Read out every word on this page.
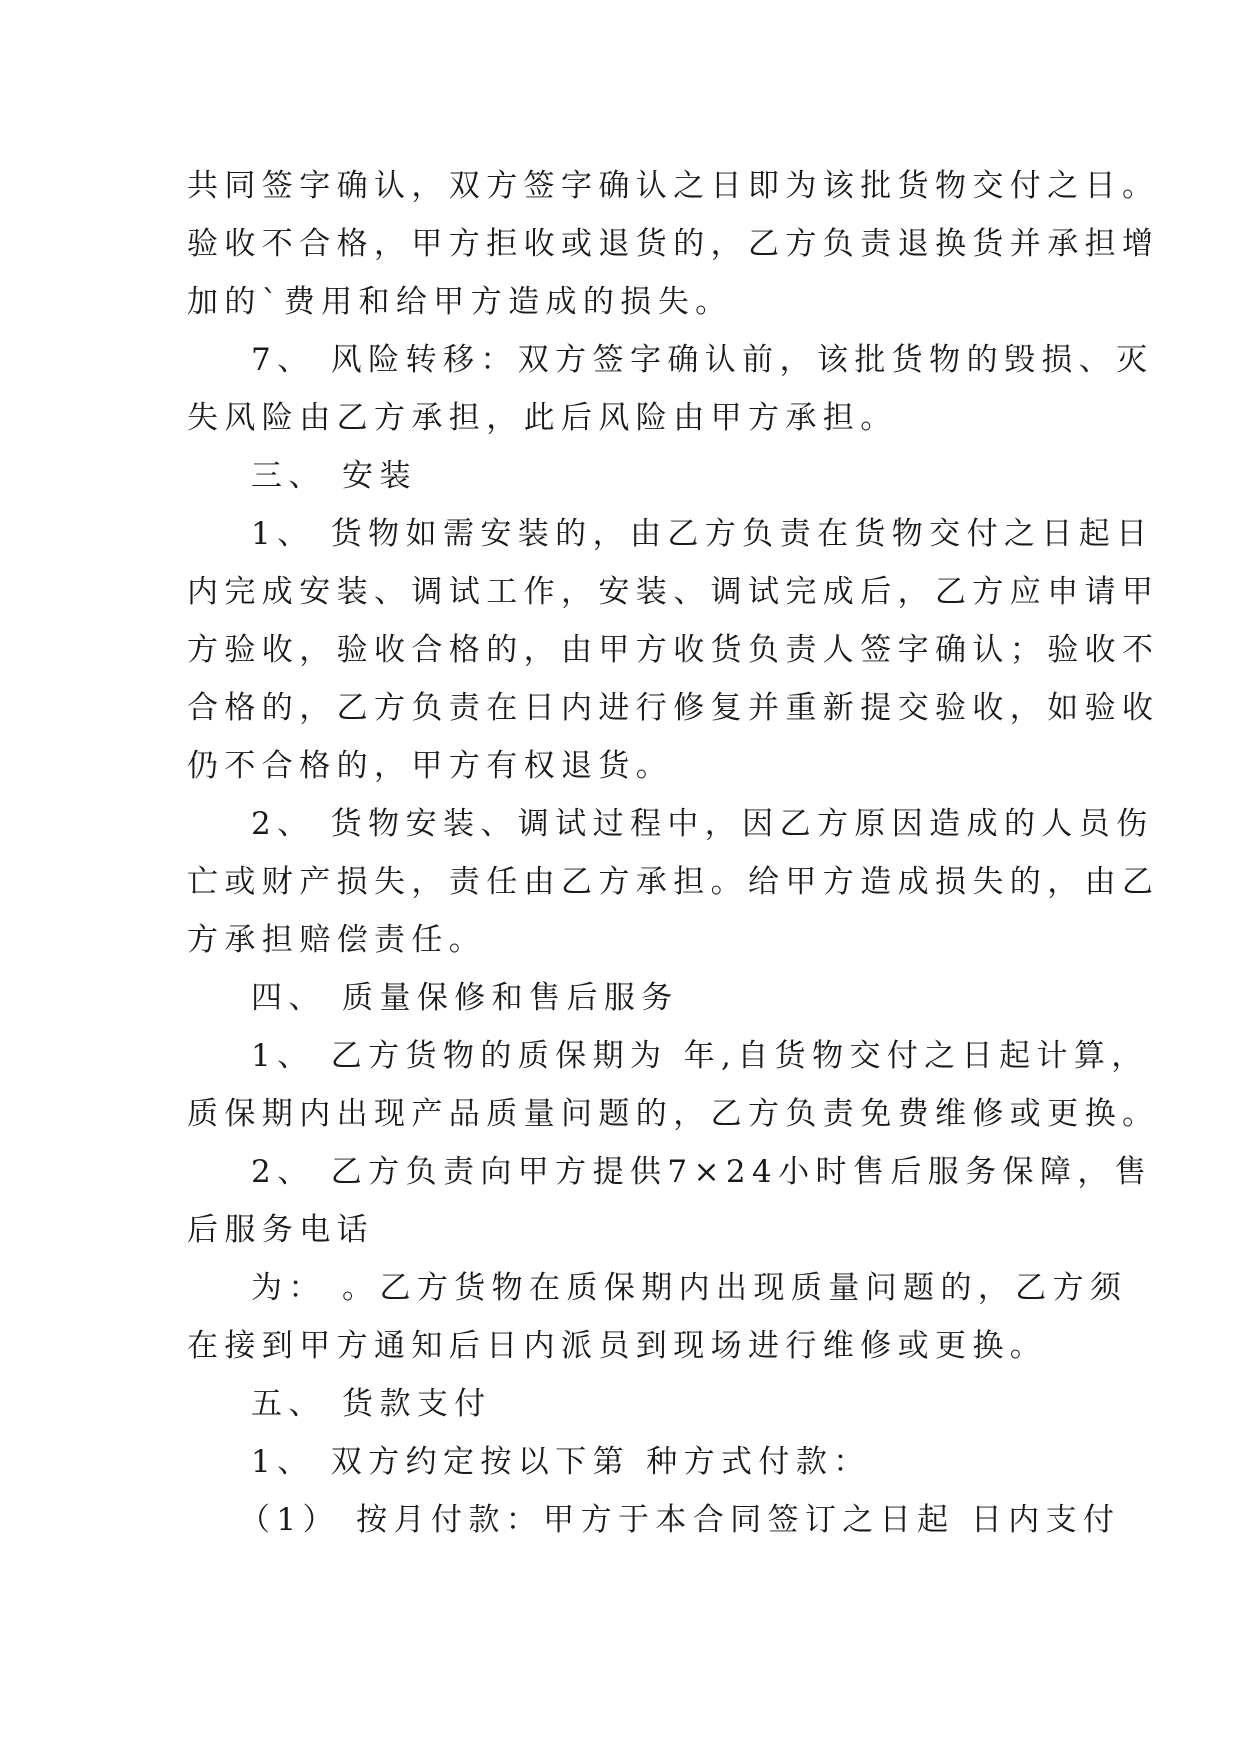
共同签字确认，双方签字确认之日即为该批货物交付之日。
验收不合格，甲方拒收或退货的，乙方负责退换货并承担增
加的`费用和给甲方造成的损失。
7、 风险转移：双方签字确认前，该批货物的毁损、灭
失风险由乙方承担，此后风险由甲方承担。
三、 安装
1、 货物如需安装的，由乙方负责在货物交付之日起日
内完成安装、调试工作，安装、调试完成后，乙方应申请甲
方验收，验收合格的，由甲方收货负责人签字确认；验收不
合格的，乙方负责在日内进行修复并重新提交验收，如验收
仍不合格的，甲方有权退货。
2、 货物安装、调试过程中，因乙方原因造成的人员伤
亡或财产损失，责任由乙方承担。给甲方造成损失的，由乙
方承担赔偿责任。
四、 质量保修和售后服务
1、 乙方货物的质保期为 年,自货物交付之日起计算，
质保期内出现产品质量问题的，乙方负责免费维修或更换。
2、 乙方负责向甲方提供7×24小时售后服务保障，售
后服务电话
为： 。乙方货物在质保期内出现质量问题的，乙方须
在接到甲方通知后日内派员到现场进行维修或更换。
五、 货款支付
1、 双方约定按以下第 种方式付款：
（1） 按月付款：甲方于本合同签订之日起 日内支付
